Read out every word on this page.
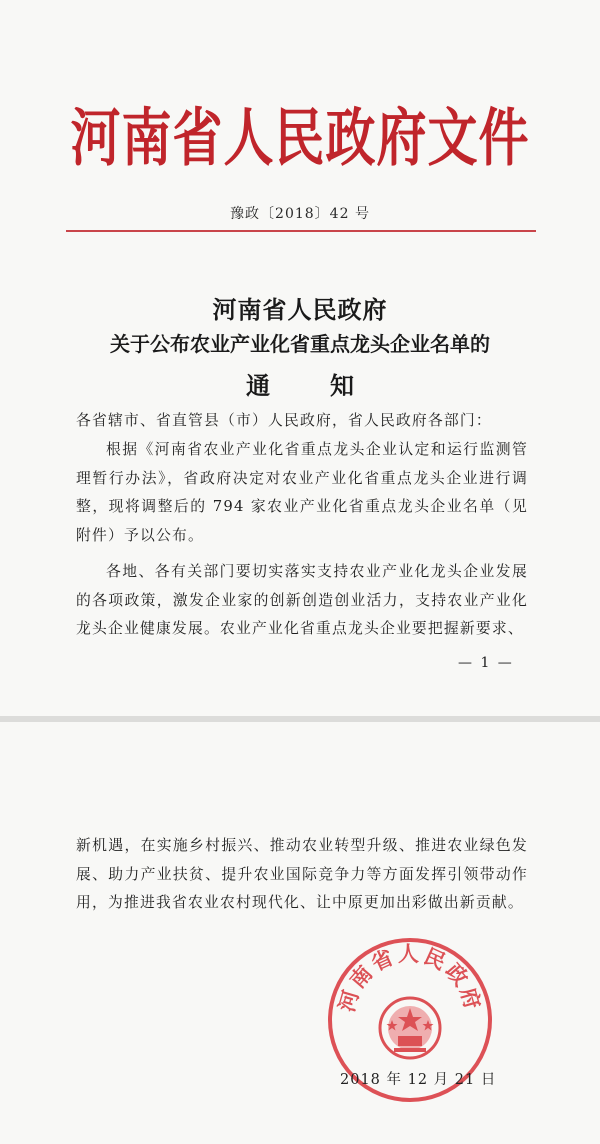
河南省人民政府文件
豫政〔2018〕42 号
河南省人民政府
关于公布农业产业化省重点龙头企业名单的
通知
各省辖市、省直管县（市）人民政府，省人民政府各部门：
根据《河南省农业产业化省重点龙头企业认定和运行监测管理暂行办法》，省政府决定对农业产业化省重点龙头企业进行调整，现将调整后的 794 家农业产业化省重点龙头企业名单（见附件）予以公布。
各地、各有关部门要切实落实支持农业产业化龙头企业发展的各项政策，激发企业家的创新创造创业活力，支持农业产业化龙头企业健康发展。农业产业化省重点龙头企业要把握新要求、
— 1 —
新机遇，在实施乡村振兴、推动农业转型升级、推进农业绿色发展、助力产业扶贫、提升农业国际竞争力等方面发挥引领带动作用，为推进我省农业农村现代化、让中原更加出彩做出新贡献。
河南省人民政府
2018 年 12 月 21 日
